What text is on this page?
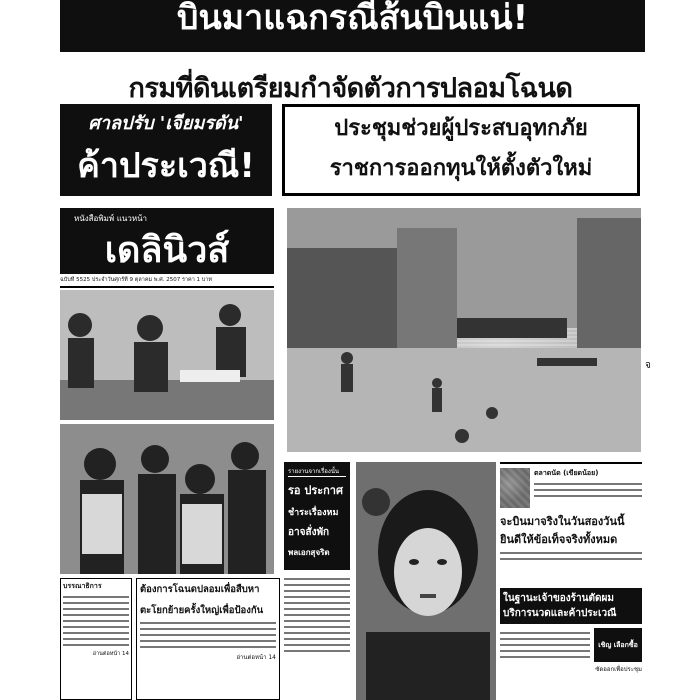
บินมาแฉกรณีส้นบินแน่!
กรมที่ดินเตรียมกำจัดตัวการปลอมโฉนด
ศาลปรับ 'เจียมรดัน'
ค้าประเวณี!
ประชุมช่วยผู้ประสบอุทกภัย
ราชการออกทุนให้ตั้งตัวใหม่
หนังสือพิมพ์ แนวหน้า
เดลินิวส์
ฉบับที่ 5525 ประจำวันศุกร์ที่ 9 ตุลาคม พ.ศ. 2507 ราคา 1 บาท
จ
รายงานจากเรื่องนั้น
รอ ประกาศ
ชำระเรื่องหม
อาจสั่งพัก
พลเอกสุจริต
ตลาดนัด (เขียดน้อย)
จะบินมาจริงในวันสองวันนี้
ยินดีให้ข้อเท็จจริงทั้งหมด
ในฐานะเจ้าของร้านตัดผม
บริการนวดและค้าประเวณี
เชิญ เลือกซื้อ
ซัดออกเพื่อประชุม
ต้องการโฉนดปลอมเพื่อสืบหา
ตะโยกย้ายครั้งใหญ่เพื่อป้องกัน
อ่านต่อหน้า 14
บรรณาธิการ
อ่านต่อหน้า 14
